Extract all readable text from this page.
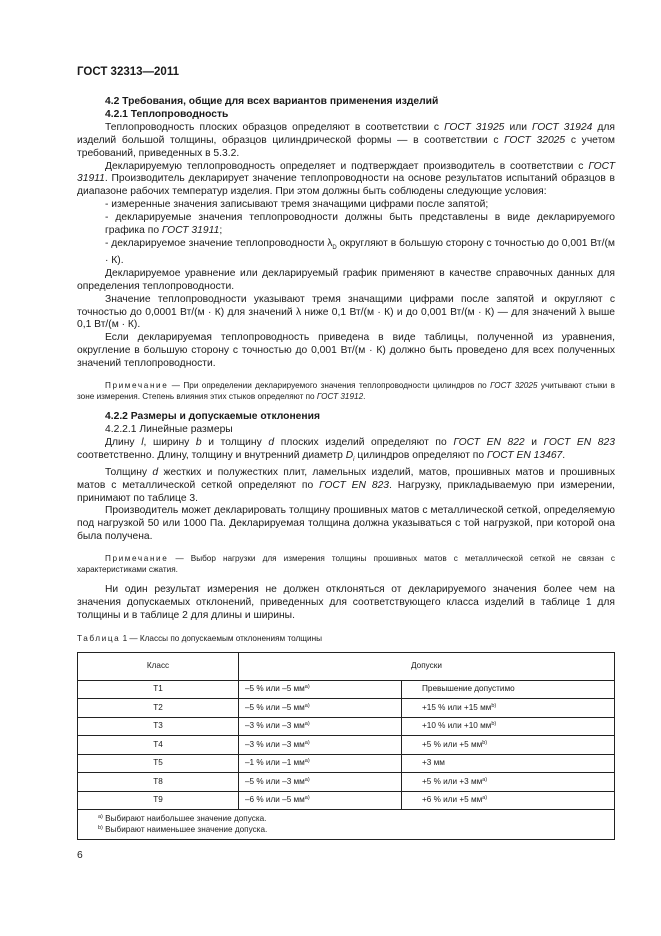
ГОСТ 32313—2011
4.2 Требования, общие для всех вариантов применения изделий
4.2.1 Теплопроводность
Теплопроводность плоских образцов определяют в соответствии с ГОСТ 31925 или ГОСТ 31924 для изделий большой толщины, образцов цилиндрической формы — в соответствии с ГОСТ 32025 с учетом требований, приведенных в 5.3.2.
Декларируемую теплопроводность определяет и подтверждает производитель в соответствии с ГОСТ 31911. Производитель декларирует значение теплопроводности на основе результатов испытаний образцов в диапазоне рабочих температур изделия. При этом должны быть соблюдены следующие условия:
- измеренные значения записывают тремя значащими цифрами после запятой;
- декларируемые значения теплопроводности должны быть представлены в виде декларируемого графика по ГОСТ 31911;
- декларируемое значение теплопроводности $\lambda_D$ округляют в большую сторону с точностью до 0,001 Вт/(м · К).
Декларируемое уравнение или декларируемый график применяют в качестве справочных данных для определения теплопроводности.
Значение теплопроводности указывают тремя значащими цифрами после запятой и округляют с точностью до 0,0001 Вт/(м · К) для значений λ ниже 0,1 Вт/(м · К) и до 0,001 Вт/(м · К) — для значений λ выше 0,1 Вт/(м · К).
Если декларируемая теплопроводность приведена в виде таблицы, полученной из уравнения, округление в большую сторону с точностью до 0,001 Вт/(м · К) должно быть проведено для всех полученных значений теплопроводности.
Примечание — При определении декларируемого значения теплопроводности цилиндров по ГОСТ 32025 учитывают стыки в зоне измерения. Степень влияния этих стыков определяют по ГОСТ 31912.
4.2.2 Размеры и допускаемые отклонения
4.2.2.1 Линейные размеры
Длину l, ширину b и толщину d плоских изделий определяют по ГОСТ EN 822 и ГОСТ EN 823 соответственно. Длину, толщину и внутренний диаметр $D_i$ цилиндров определяют по ГОСТ EN 13467.
Толщину d жестких и полужестких плит, ламельных изделий, матов, прошивных матов и прошивных матов с металлической сеткой определяют по ГОСТ EN 823. Нагрузку, прикладываемую при измерении, принимают по таблице 3.
Производитель может декларировать толщину прошивных матов с металлической сеткой, определяемую под нагрузкой 50 или 1000 Па. Декларируемая толщина должна указываться с той нагрузкой, при которой она была получена.
Примечание — Выбор нагрузки для измерения толщины прошивных матов с металлической сеткой не связан с характеристиками сжатия.
Ни один результат измерения не должен отклоняться от декларируемого значения более чем на значения допускаемых отклонений, приведенных для соответствующего класса изделий в таблице 1 для толщины и в таблице 2 для длины и ширины.
Таблица 1 — Классы по допускаемым отклонениям толщины
Класс	Допуски	
T1	–5 % или –5 $мм^{a)}$	Превышение допустимо
T2	–5 % или –5 $мм^{a)}$	+15 % или +15 $мм^{b)}$
T3	–3 % или –3 $мм^{a)}$	+10 % или +10 $мм^{b)}$
T4	–3 % или –3 $мм^{a)}$	+5 % или +5 $мм^{b)}$
T5	–1 % или –1 $мм^{a)}$	+3 мм
T8	–5 % или –3 $мм^{a)}$	+5 % или +3 $мм^{a)}$
T9	–6 % или –5 $мм^{a)}$	+6 % или +5 $мм^{a)}$

$^{a)}$ Выбирают наибольшее значение допуска.
$^{b)}$ Выбирают наименьшее значение допуска.		
6
